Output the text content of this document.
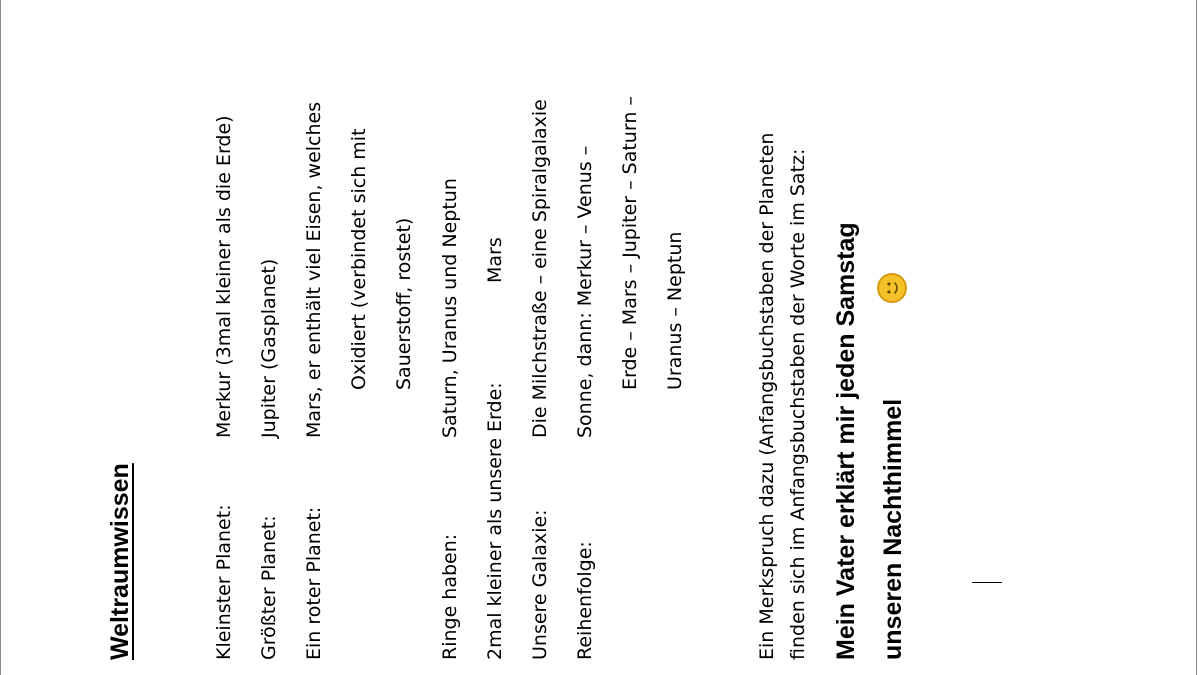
Weltraumwissen	Kleinster Planet:
Merkur (3mal kleiner als die Erde)
Größter Planet:
Jupiter (Gasplanet)
Ein roter Planet:
Mars, er enthält viel Eisen, welches Oxidiert (verbindet sich mit Sauerstoff, rostet)
Ringe haben:
Saturn, Uranus und Neptun
2mal kleiner als unsere Erde:
Mars
Unsere Galaxie:
Die Milchstraße – eine Spiralgalaxie
Reihenfolge:
Sonne, dann: Merkur – Venus – Erde – Mars – Jupiter – Saturn – Uranus – Neptun	Ein Merkspruch dazu (Anfangsbuchstaben der Planeten finden sich im Anfangsbuchstaben der Worte im Satz: Mein Vater erklärt mir jeden Samstag unseren Nachthimmel
